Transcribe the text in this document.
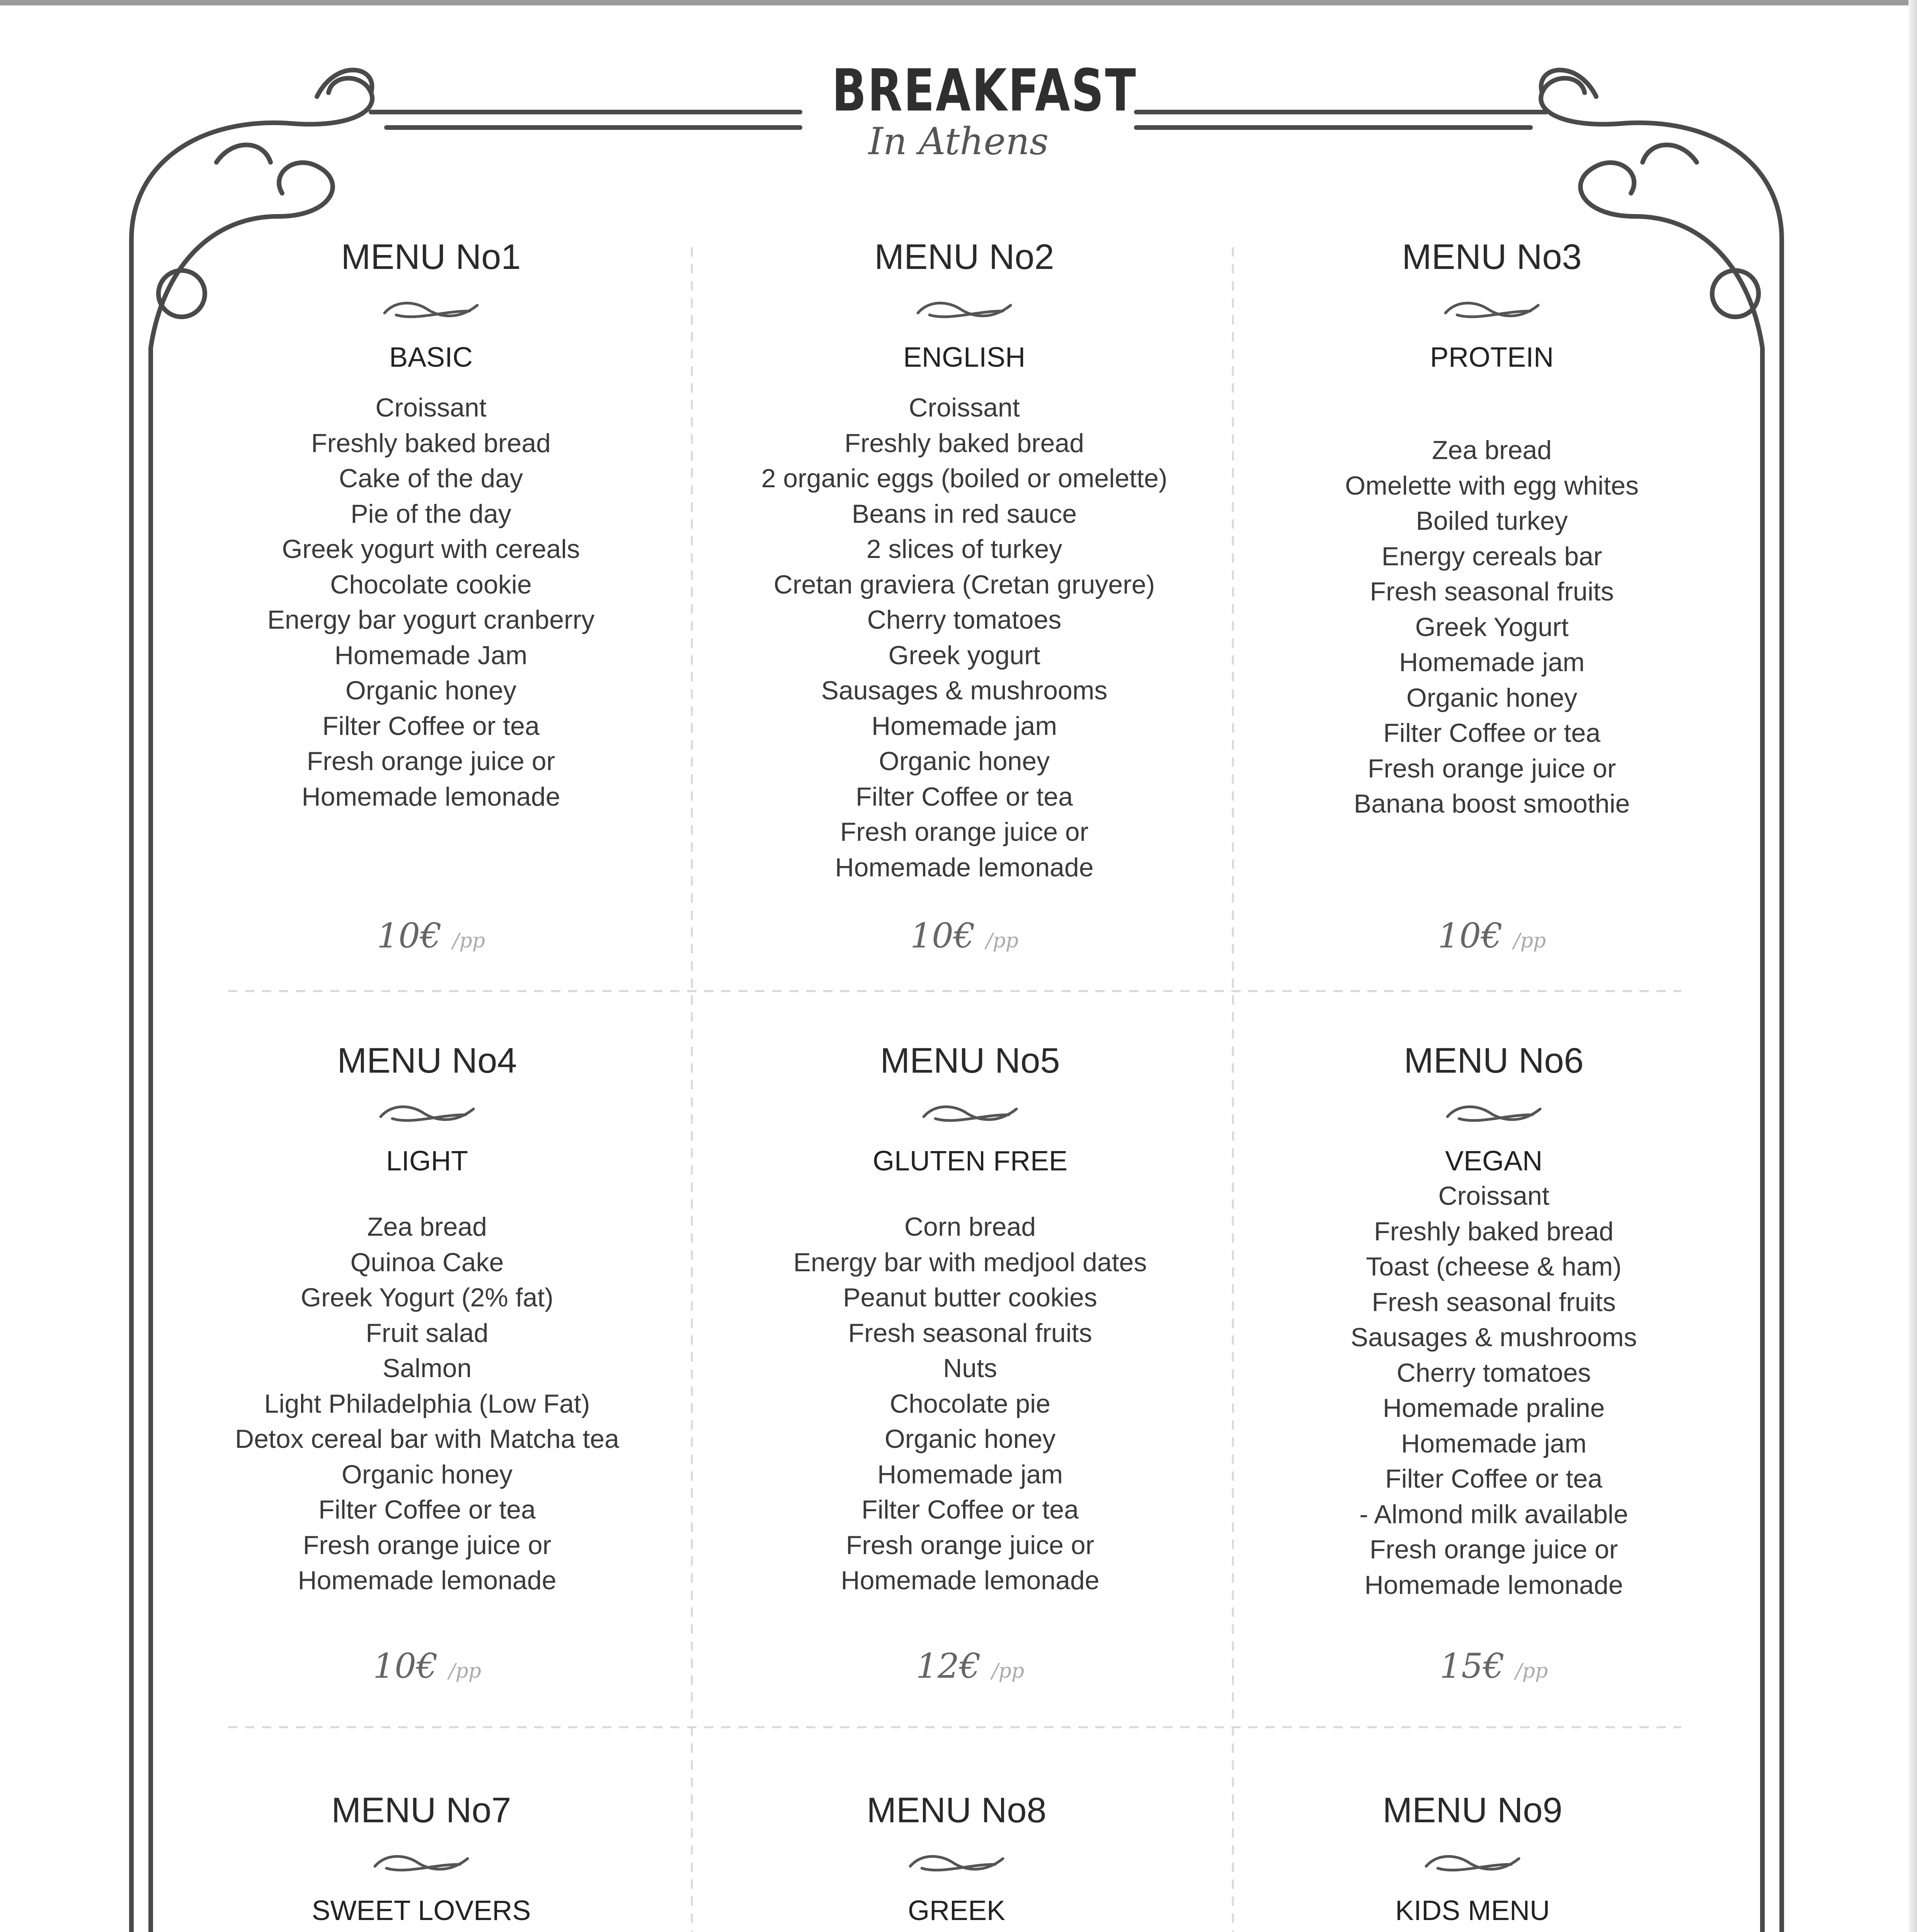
BREAKFAST
In Athens
MENU No1
BASIC
Croissant
Freshly baked bread
Cake of the day
Pie of the day
Greek yogurt with cereals
Chocolate cookie
Energy bar yogurt cranberry
Homemade Jam
Organic honey
Filter Coffee or tea
Fresh orange juice or
Homemade lemonade
10€ /pp
MENU No2
ENGLISH
Croissant
Freshly baked bread
2 organic eggs (boiled or omelette)
Beans in red sauce
2 slices of turkey
Cretan graviera (Cretan gruyere)
Cherry tomatoes
Greek yogurt
Sausages & mushrooms
Homemade jam
Organic honey
Filter Coffee or tea
Fresh orange juice or
Homemade lemonade
10€ /pp
MENU No3
PROTEIN
Zea bread
Omelette with egg whites
Boiled turkey
Energy cereals bar
Fresh seasonal fruits
Greek Yogurt
Homemade jam
Organic honey
Filter Coffee or tea
Fresh orange juice or
Banana boost smoothie
10€ /pp
MENU No4
LIGHT
Zea bread
Quinoa Cake
Greek Yogurt (2% fat)
Fruit salad
Salmon
Light Philadelphia (Low Fat)
Detox cereal bar with Matcha tea
Organic honey
Filter Coffee or tea
Fresh orange juice or
Homemade lemonade
10€ /pp
MENU No5
GLUTEN FREE
Corn bread
Energy bar with medjool dates
Peanut butter cookies
Fresh seasonal fruits
Nuts
Chocolate pie
Organic honey
Homemade jam
Filter Coffee or tea
Fresh orange juice or
Homemade lemonade
12€ /pp
MENU No6
VEGAN
Croissant
Freshly baked bread
Toast (cheese & ham)
Fresh seasonal fruits
Sausages & mushrooms
Cherry tomatoes
Homemade praline
Homemade jam
Filter Coffee or tea
- Almond milk available
Fresh orange juice or
Homemade lemonade
15€ /pp
MENU No7
SWEET LOVERS
MENU No8
GREEK
MENU No9
KIDS MENU
